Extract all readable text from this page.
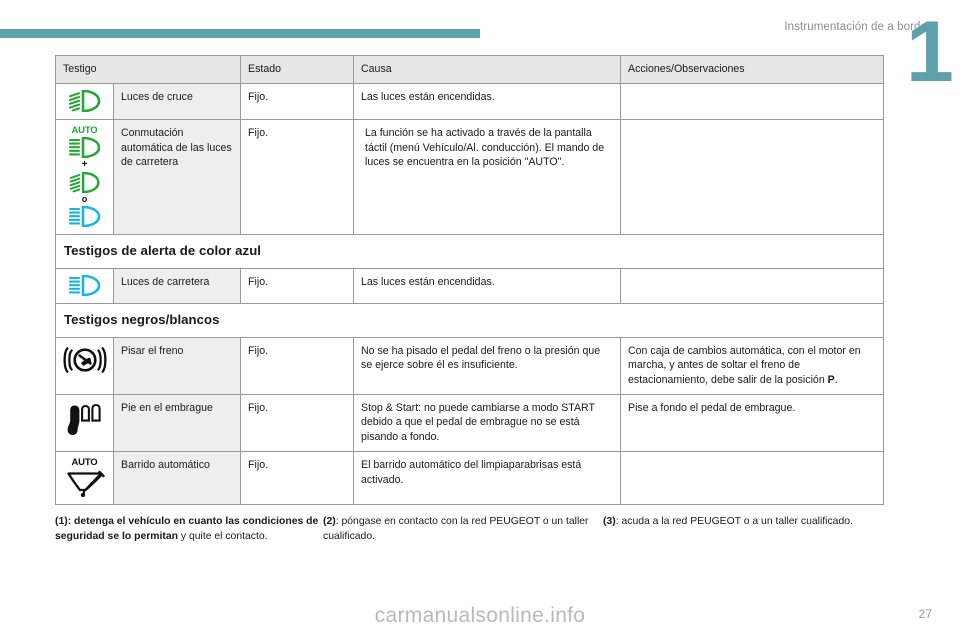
Instrumentación de a bordo
1
Testigo		Estado	Causa	Acciones/Observaciones

	Luces de cruce	Fijo.	Las luces están encendidas.	

AUTO
+
o	Conmutación automática de las luces de carretera	Fijo.	La función se ha activado a través de la pantalla táctil (menú Vehículo/Al. conducción). El mando de luces se encuentra en la posición "AUTO".	

Testigos de alerta de color azul				

	Luces de carretera	Fijo.	Las luces están encendidas.	
Testigos negros/blancos				

	Pisar el freno	Fijo.	No se ha pisado el pedal del freno o la presión que se ejerce sobre él es insuficiente.	Con caja de cambios automática, con el motor en marcha, y antes de soltar el freno de estacionamiento, debe salir de la posición P.

	Pie en el embrague	Fijo.	Stop & Start: no puede cambiarse a modo START debido a que el pedal de embrague no se está pisando a fondo.	Pise a fondo el pedal de embrague.

AUTO	Barrido automático	Fijo.	El barrido automático del limpiaparabrisas está activado.	
(1): detenga el vehículo en cuanto las condiciones de seguridad se lo permitan y quite el contacto.
(2): póngase en contacto con la red PEUGEOT o un taller cualificado.
(3): acuda a la red PEUGEOT o a un taller cualificado.
carmanualsonline.info	27
